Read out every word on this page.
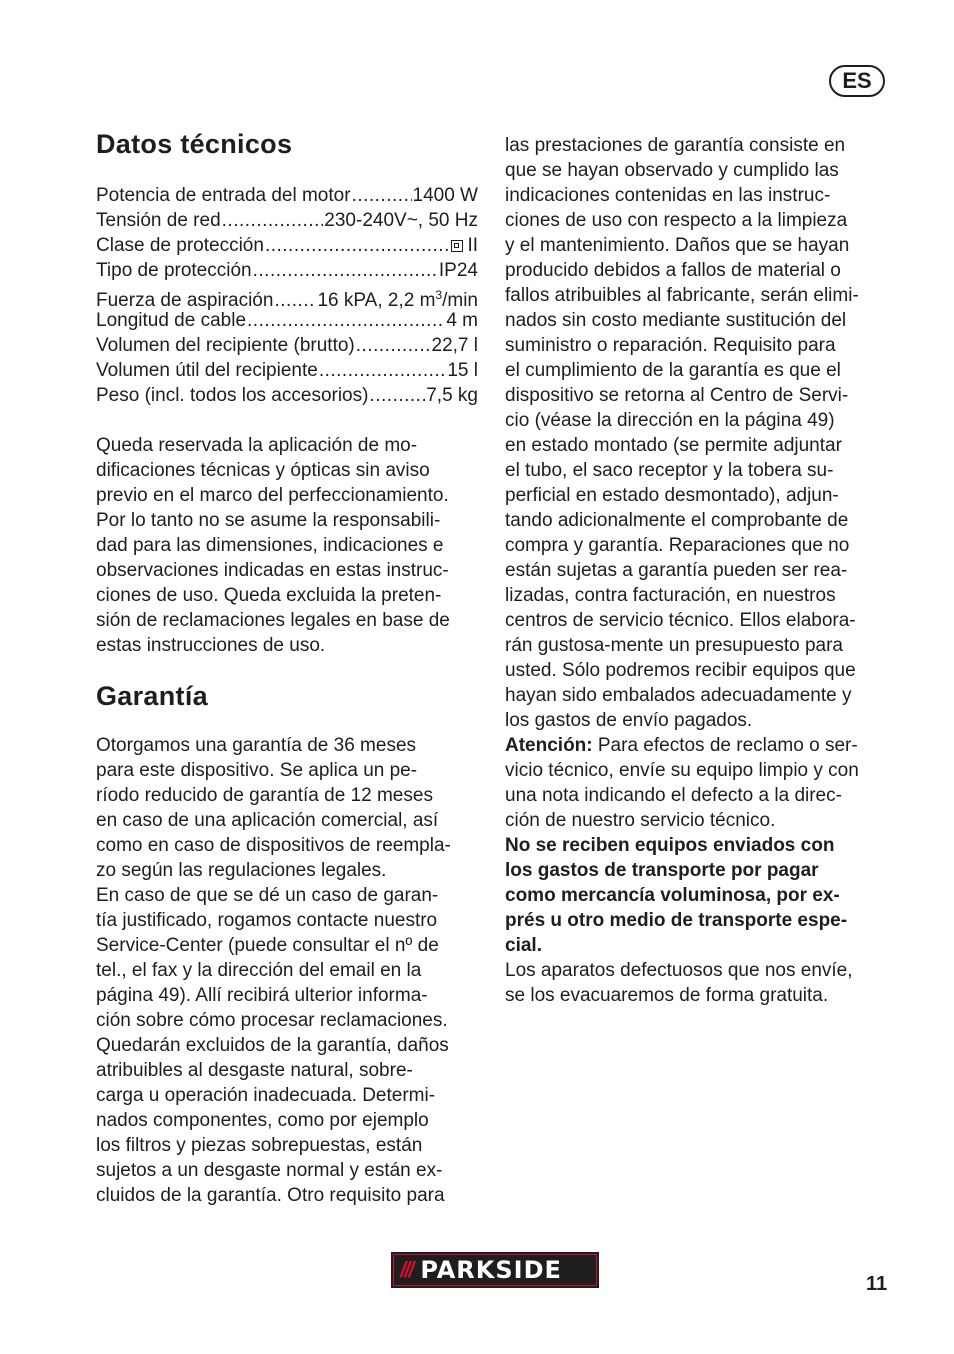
ES
Datos técnicos
Potencia de entrada del motor .....	1400 W
Tensión de red .....	230-240V~, 50 Hz
Clase de protección .....	II
Tipo de protección .....	IP24
Fuerza de aspiración ..... 16 kPA, 2,2 $m^3/\min$
Longitud de cable .....	4 m
Volumen del recipiente (brutto) .....	22,7 l
Volumen útil del recipiente .....	15 l
Peso (incl. todos los accesorios) .....	7,5 kg

Queda reservada la aplicación de mo-

dificaciones técnicas y ópticas sin aviso

previo en el marco del perfeccionamiento.

Por lo tanto no se asume la responsabili-

dad para las dimensiones, indicaciones e

observaciones indicadas en estas instruc-

ciones de uso. Queda excluida la preten-

sión de reclamaciones legales en base de

estas instrucciones de uso.

Garantía

Otorgamos una garantía de 36 meses

para este dispositivo. Se aplica un pe-

ríodo reducido de garantía de 12 meses

en caso de una aplicación comercial, así

como en caso de dispositivos de reempla-

zo según las regulaciones legales.

En caso de que se dé un caso de garan-

tía justificado, rogamos contacte nuestro

Service-Center (puede consultar el nº de

tel., el fax y la dirección del email en la

página 49). Allí recibirá ulterior informa-

ción sobre cómo procesar reclamaciones.

Quedarán excluidos de la garantía, daños

atribuibles al desgaste natural, sobre-

carga u operación inadecuada. Determi-

nados componentes, como por ejemplo

los filtros y piezas sobrepuestas, están

sujetos a un desgaste normal y están ex-

cluidos de la garantía. Otro requisito para

las prestaciones de garantía consiste en

que se hayan observado y cumplido las

indicaciones contenidas en las instruc-

ciones de uso con respecto a la limpieza

y el mantenimiento. Daños que se hayan

producido debidos a fallos de material o

fallos atribuibles al fabricante, serán elimi-

nados sin costo mediante sustitución del

suministro o reparación. Requisito para

el cumplimiento de la garantía es que el

dispositivo se retorna al Centro de Servi-

cio (véase la dirección en la página 49)

en estado montado (se permite adjuntar

el tubo, el saco receptor y la tobera su-

perficial en estado desmontado), adjun-

tando adicionalmente el comprobante de

compra y garantía. Reparaciones que no

están sujetas a garantía pueden ser rea-

lizadas, contra facturación, en nuestros

centros de servicio técnico. Ellos elabora-

rán gustosa-mente un presupuesto para

usted. Sólo podremos recibir equipos que

hayan sido embalados adecuadamente y

los gastos de envío pagados.

Atención: Para efectos de reclamo o ser-

vicio técnico, envíe su equipo limpio y con

una nota indicando el defecto a la direc-

ción de nuestro servicio técnico.

No se reciben equipos enviados con

los gastos de transporte por pagar

como mercancía voluminosa, por ex-

prés u otro medio de transporte espe-

cial.

Los aparatos defectuosos que nos envíe,

se los evacuaremos de forma gratuita.

/// PARKSIDE	11
